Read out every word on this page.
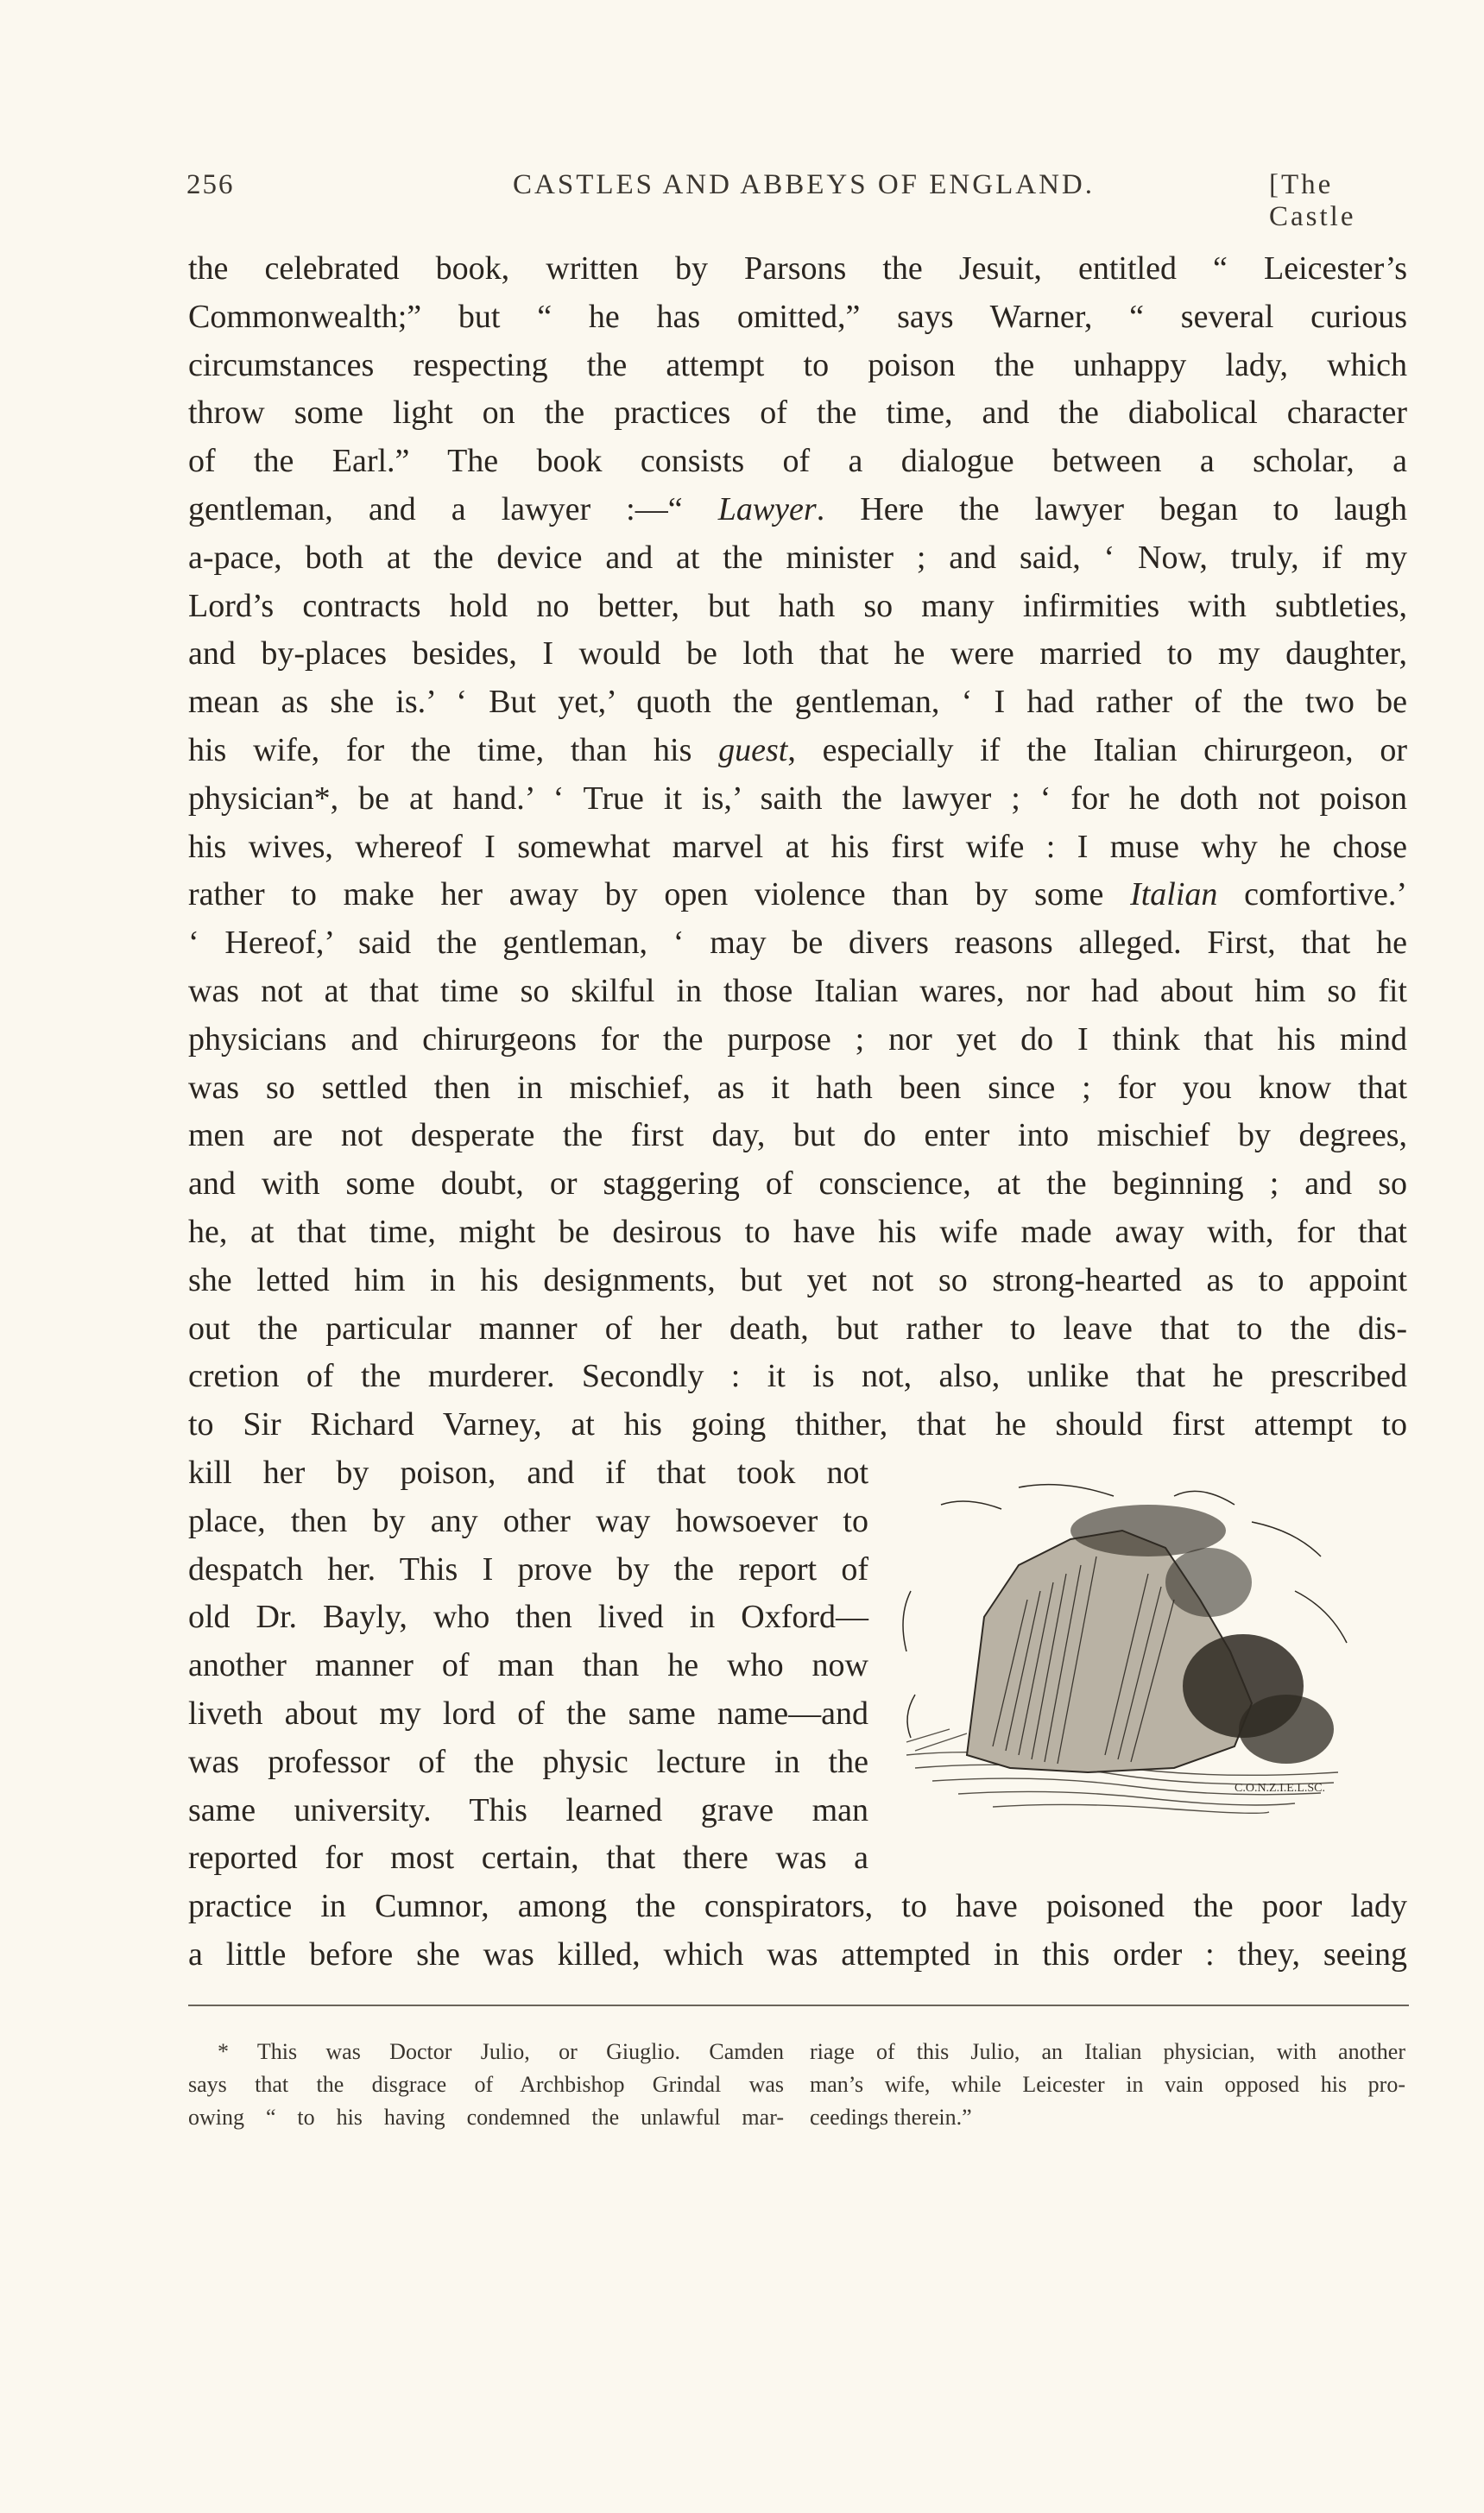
256	CASTLES AND ABBEYS OF ENGLAND.	[The Castle
the celebrated book, written by Parsons the Jesuit, entitled “ Leicester’s
Commonwealth;” but “ he has omitted,” says Warner, “ several curious
circumstances respecting the attempt to poison the unhappy lady, which
throw some light on the practices of the time, and the diabolical character
of the Earl.” The book consists of a dialogue between a scholar, a
gentleman, and a lawyer :—“ Lawyer. Here the lawyer began to laugh
a-pace, both at the device and at the minister ; and said, ‘ Now, truly, if my
Lord’s contracts hold no better, but hath so many infirmities with subtleties,
and by-places besides, I would be loth that he were married to my daughter,
mean as she is.’ ‘ But yet,’ quoth the gentleman, ‘ I had rather of the two be
his wife, for the time, than his guest, especially if the Italian chirurgeon, or
physician*, be at hand.’ ‘ True it is,’ saith the lawyer ; ‘ for he doth not poison
his wives, whereof I somewhat marvel at his first wife : I muse why he chose
rather to make her away by open violence than by some Italian comfortive.’
‘ Hereof,’ said the gentleman, ‘ may be divers reasons alleged. First, that he
was not at that time so skilful in those Italian wares, nor had about him so fit
physicians and chirurgeons for the purpose ; nor yet do I think that his mind
was so settled then in mischief, as it hath been since ; for you know that
men are not desperate the first day, but do enter into mischief by degrees,
and with some doubt, or staggering of conscience, at the beginning ; and so
he, at that time, might be desirous to have his wife made away with, for that
she letted him in his designments, but yet not so strong-hearted as to appoint
out the particular manner of her death, but rather to leave that to the dis-
cretion of the murderer. Secondly : it is not, also, unlike that he prescribed
to Sir Richard Varney, at his going thither, that he should first attempt to
kill her by poison, and if that took not
place, then by any other way howsoever to
despatch her. This I prove by the report of
old Dr. Bayly, who then lived in Oxford—
another manner of man than he who now
liveth about my lord of the same name—and
was professor of the physic lecture in the
same university. This learned grave man
reported for most certain, that there was a
practice in Cumnor, among the conspirators, to have poisoned the poor lady
a little before she was killed, which was attempted in this order : they, seeing
C.O.N.Z.I.E.L.SC.
* This was Doctor Julio, or Giuglio. Camden
says that the disgrace of Archbishop Grindal was
owing “ to his having condemned the unlawful mar-
riage of this Julio, an Italian physician, with another
man’s wife, while Leicester in vain opposed his pro-
ceedings therein.”
